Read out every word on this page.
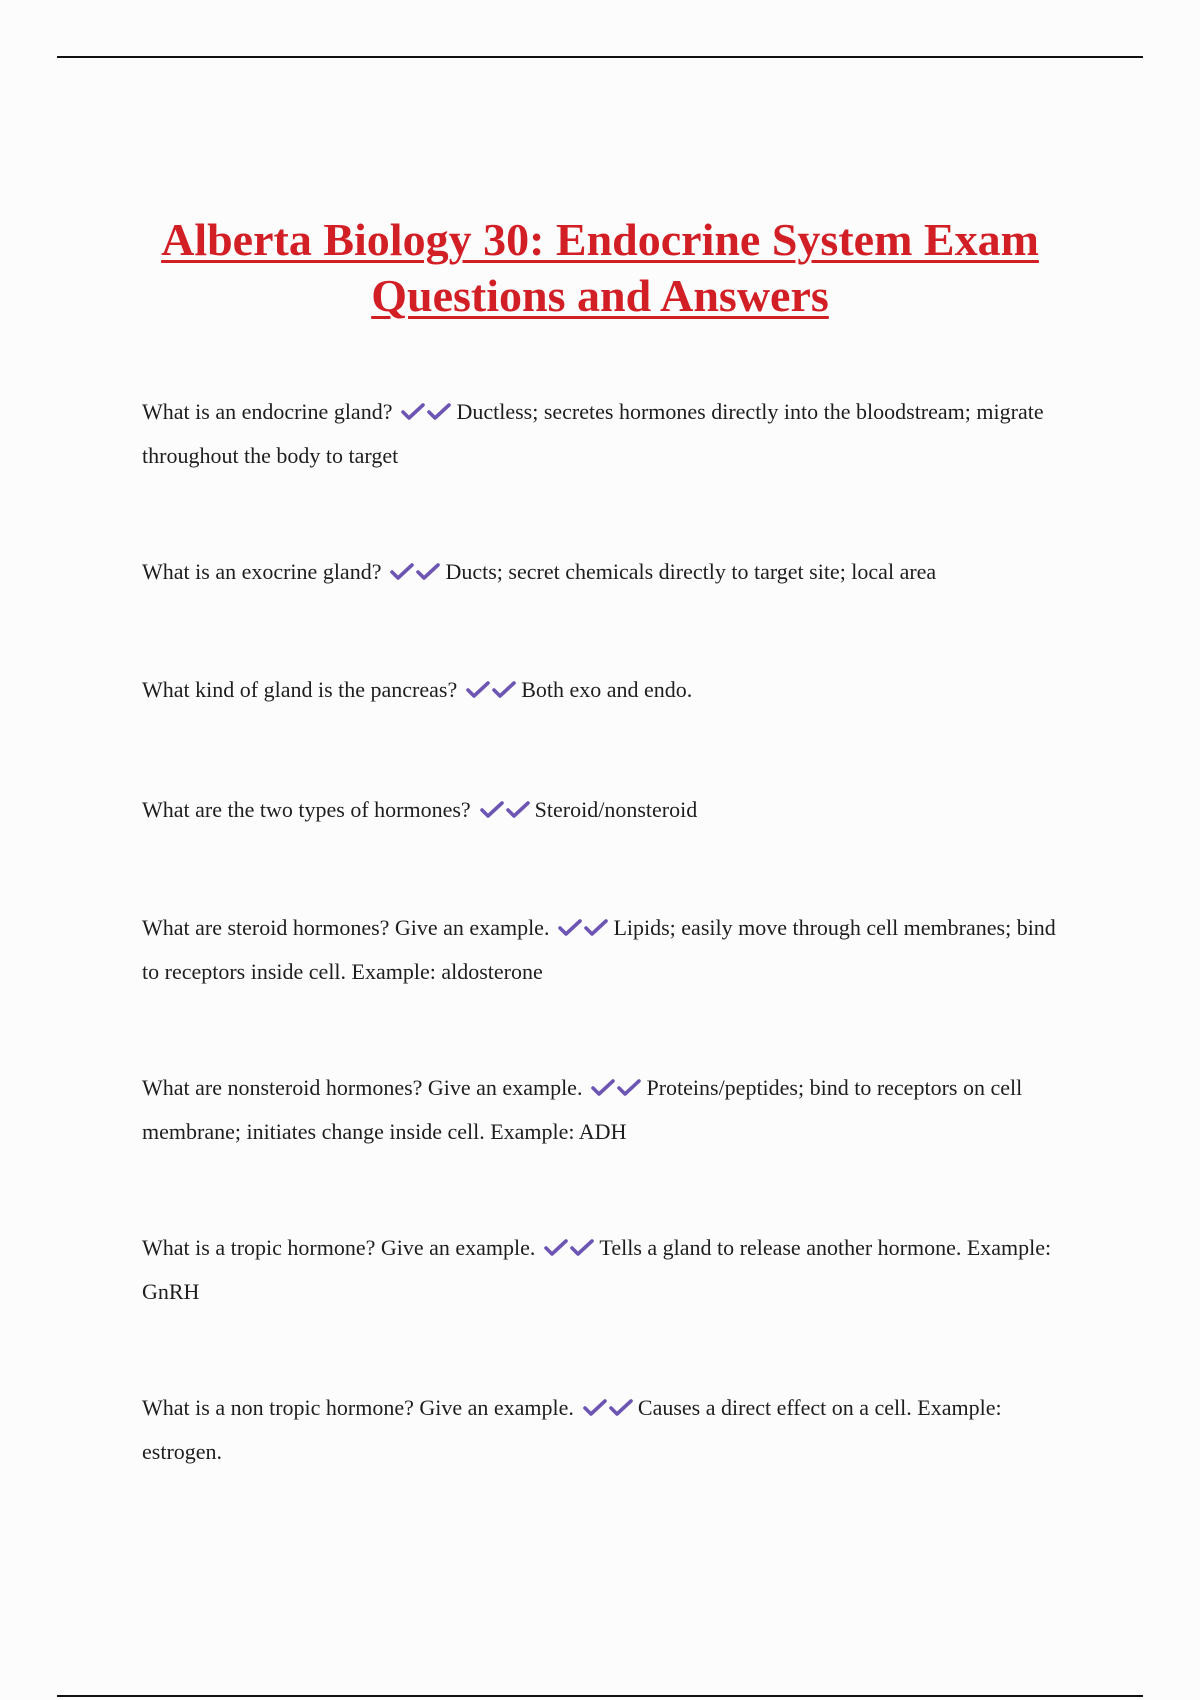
Alberta Biology 30: Endocrine System Exam Questions and Answers

What is an endocrine gland?	Ductless; secretes hormones directly into the bloodstream; migrate throughout the body to target

What is an exocrine gland?	Ducts; secret chemicals directly to target site; local area

What kind of gland is the pancreas?	Both exo and endo.

What are the two types of hormones?	Steroid/nonsteroid

What are steroid hormones? Give an example.	Lipids; easily move through cell membranes; bind to receptors inside cell. Example: aldosterone

What are nonsteroid hormones? Give an example.	Proteins/peptides; bind to receptors on cell membrane; initiates change inside cell. Example: ADH

What is a tropic hormone? Give an example.	Tells a gland to release another hormone. Example: GnRH

What is a non tropic hormone? Give an example.	Causes a direct effect on a cell. Example: estrogen.
